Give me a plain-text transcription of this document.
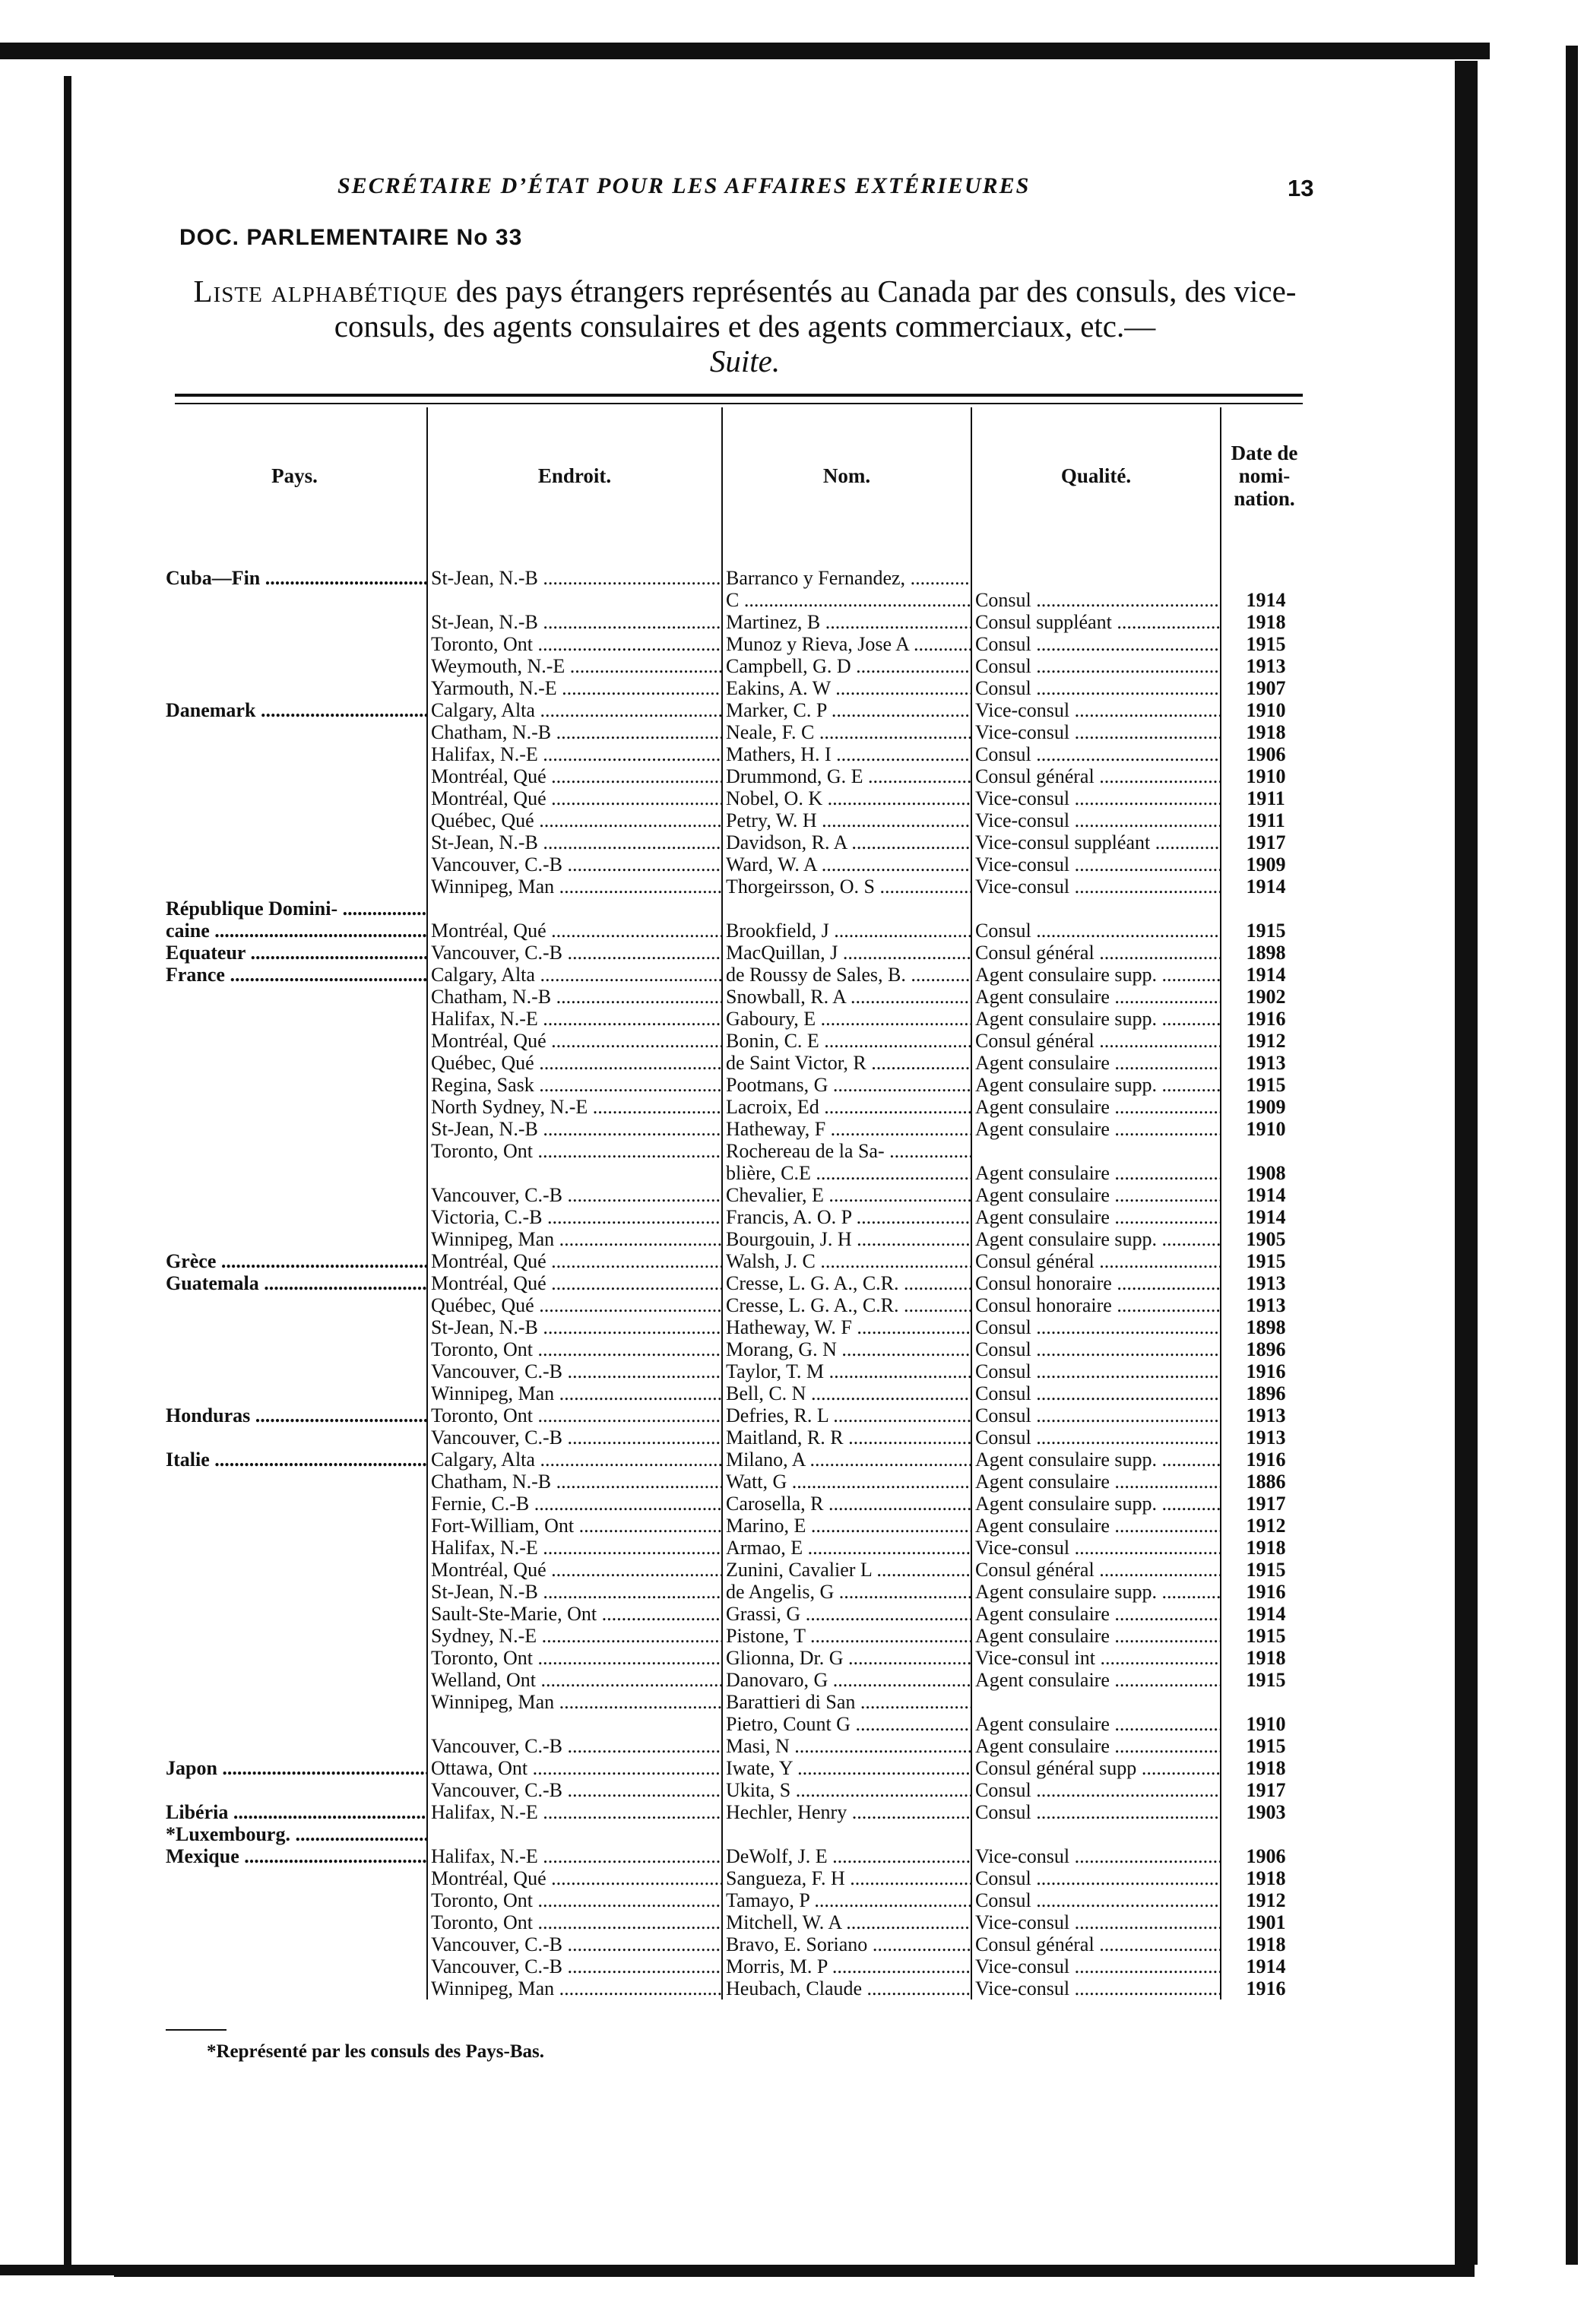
SECRÉTAIRE D’ÉTAT POUR LES AFFAIRES EXTÉRIEURES	13
DOC. PARLEMENTAIRE No 33
Liste alphabétique des pays étrangers représentés au Canada par des consuls, des vice-consuls, des agents consulaires et des agents commerciaux, etc.—
Suite.
Pays.	Endroit.	Nom.	Qualité.	Date de nomi- nation.
Cuba—Fin .....	St-Jean, N.-B .....	Barranco y Fernandez, .....		
		C .....	Consul .....	1914
	St-Jean, N.-B .....	Martinez, B .....	Consul suppléant .....	1918
	Toronto, Ont .....	Munoz y Rieva, Jose A .....	Consul .....	1915
	Weymouth, N.-E .....	Campbell, G. D .....	Consul .....	1913
	Yarmouth, N.-E .....	Eakins, A. W .....	Consul .....	1907
Danemark .....	Calgary, Alta .....	Marker, C. P .....	Vice-consul .....	1910
	Chatham, N.-B .....	Neale, F. C .....	Vice-consul .....	1918
	Halifax, N.-E .....	Mathers, H. I .....	Consul .....	1906
	Montréal, Qué .....	Drummond, G. E .....	Consul général .....	1910
	Montréal, Qué .....	Nobel, O. K .....	Vice-consul .....	1911
	Québec, Qué .....	Petry, W. H .....	Vice-consul .....	1911
	St-Jean, N.-B .....	Davidson, R. A .....	Vice-consul suppléant .....	1917
	Vancouver, C.-B .....	Ward, W. A .....	Vice-consul .....	1909
	Winnipeg, Man .....	Thorgeirsson, O. S .....	Vice-consul .....	1914
République Domini- .....				
caine .....	Montréal, Qué .....	Brookfield, J .....	Consul .....	1915
Equateur .....	Vancouver, C.-B .....	MacQuillan, J .....	Consul général .....	1898
France .....	Calgary, Alta .....	de Roussy de Sales, B. .....	Agent consulaire supp. .....	1914
	Chatham, N.-B .....	Snowball, R. A .....	Agent consulaire .....	1902
	Halifax, N.-E .....	Gaboury, E .....	Agent consulaire supp. .....	1916
	Montréal, Qué .....	Bonin, C. E .....	Consul général .....	1912
	Québec, Qué .....	de Saint Victor, R .....	Agent consulaire .....	1913
	Regina, Sask .....	Pootmans, G .....	Agent consulaire supp. .....	1915
	North Sydney, N.-E .....	Lacroix, Ed .....	Agent consulaire .....	1909
	St-Jean, N.-B .....	Hatheway, F .....	Agent consulaire .....	1910
	Toronto, Ont .....	Rochereau de la Sa- .....		
		blière, C.E .....	Agent consulaire .....	1908
	Vancouver, C.-B .....	Chevalier, E .....	Agent consulaire .....	1914
	Victoria, C.-B .....	Francis, A. O. P .....	Agent consulaire .....	1914
	Winnipeg, Man .....	Bourgouin, J. H .....	Agent consulaire supp. .....	1905
Grèce .....	Montréal, Qué .....	Walsh, J. C .....	Consul général .....	1915
Guatemala .....	Montréal, Qué .....	Cresse, L. G. A., C.R. .....	Consul honoraire .....	1913
	Québec, Qué .....	Cresse, L. G. A., C.R. .....	Consul honoraire .....	1913
	St-Jean, N.-B .....	Hatheway, W. F .....	Consul .....	1898
	Toronto, Ont .....	Morang, G. N .....	Consul .....	1896
	Vancouver, C.-B .....	Taylor, T. M .....	Consul .....	1916
	Winnipeg, Man .....	Bell, C. N .....	Consul .....	1896
Honduras .....	Toronto, Ont .....	Defries, R. L .....	Consul .....	1913
	Vancouver, C.-B .....	Maitland, R. R .....	Consul .....	1913
Italie .....	Calgary, Alta .....	Milano, A .....	Agent consulaire supp. .....	1916
	Chatham, N.-B .....	Watt, G .....	Agent consulaire .....	1886
	Fernie, C.-B .....	Carosella, R .....	Agent consulaire supp. .....	1917
	Fort-William, Ont .....	Marino, E .....	Agent consulaire .....	1912
	Halifax, N.-E .....	Armao, E .....	Vice-consul .....	1918
	Montréal, Qué .....	Zunini, Cavalier L .....	Consul général .....	1915
	St-Jean, N.-B .....	de Angelis, G .....	Agent consulaire supp. .....	1916
	Sault-Ste-Marie, Ont .....	Grassi, G .....	Agent consulaire .....	1914
	Sydney, N.-E .....	Pistone, T .....	Agent consulaire .....	1915
	Toronto, Ont .....	Glionna, Dr. G .....	Vice-consul int .....	1918
	Welland, Ont .....	Danovaro, G .....	Agent consulaire .....	1915
	Winnipeg, Man .....	Barattieri di San .....		
		Pietro, Count G .....	Agent consulaire .....	1910
	Vancouver, C.-B .....	Masi, N .....	Agent consulaire .....	1915
Japon .....	Ottawa, Ont .....	Iwate, Y .....	Consul général supp .....	1918
	Vancouver, C.-B .....	Ukita, S .....	Consul .....	1917
Libéria .....	Halifax, N.-E .....	Hechler, Henry .....	Consul .....	1903
*Luxembourg. .....				
Mexique .....	Halifax, N.-E .....	DeWolf, J. E .....	Vice-consul .....	1906
	Montréal, Qué .....	Sangueza, F. H .....	Consul .....	1918
	Toronto, Ont .....	Tamayo, P .....	Consul .....	1912
	Toronto, Ont .....	Mitchell, W. A .....	Vice-consul .....	1901
	Vancouver, C.-B .....	Bravo, E. Soriano .....	Consul général .....	1918
	Vancouver, C.-B .....	Morris, M. P .....	Vice-consul .....	1914
	Winnipeg, Man .....	Heubach, Claude .....	Vice-consul .....	1916
*Représenté par les consuls des Pays-Bas.
